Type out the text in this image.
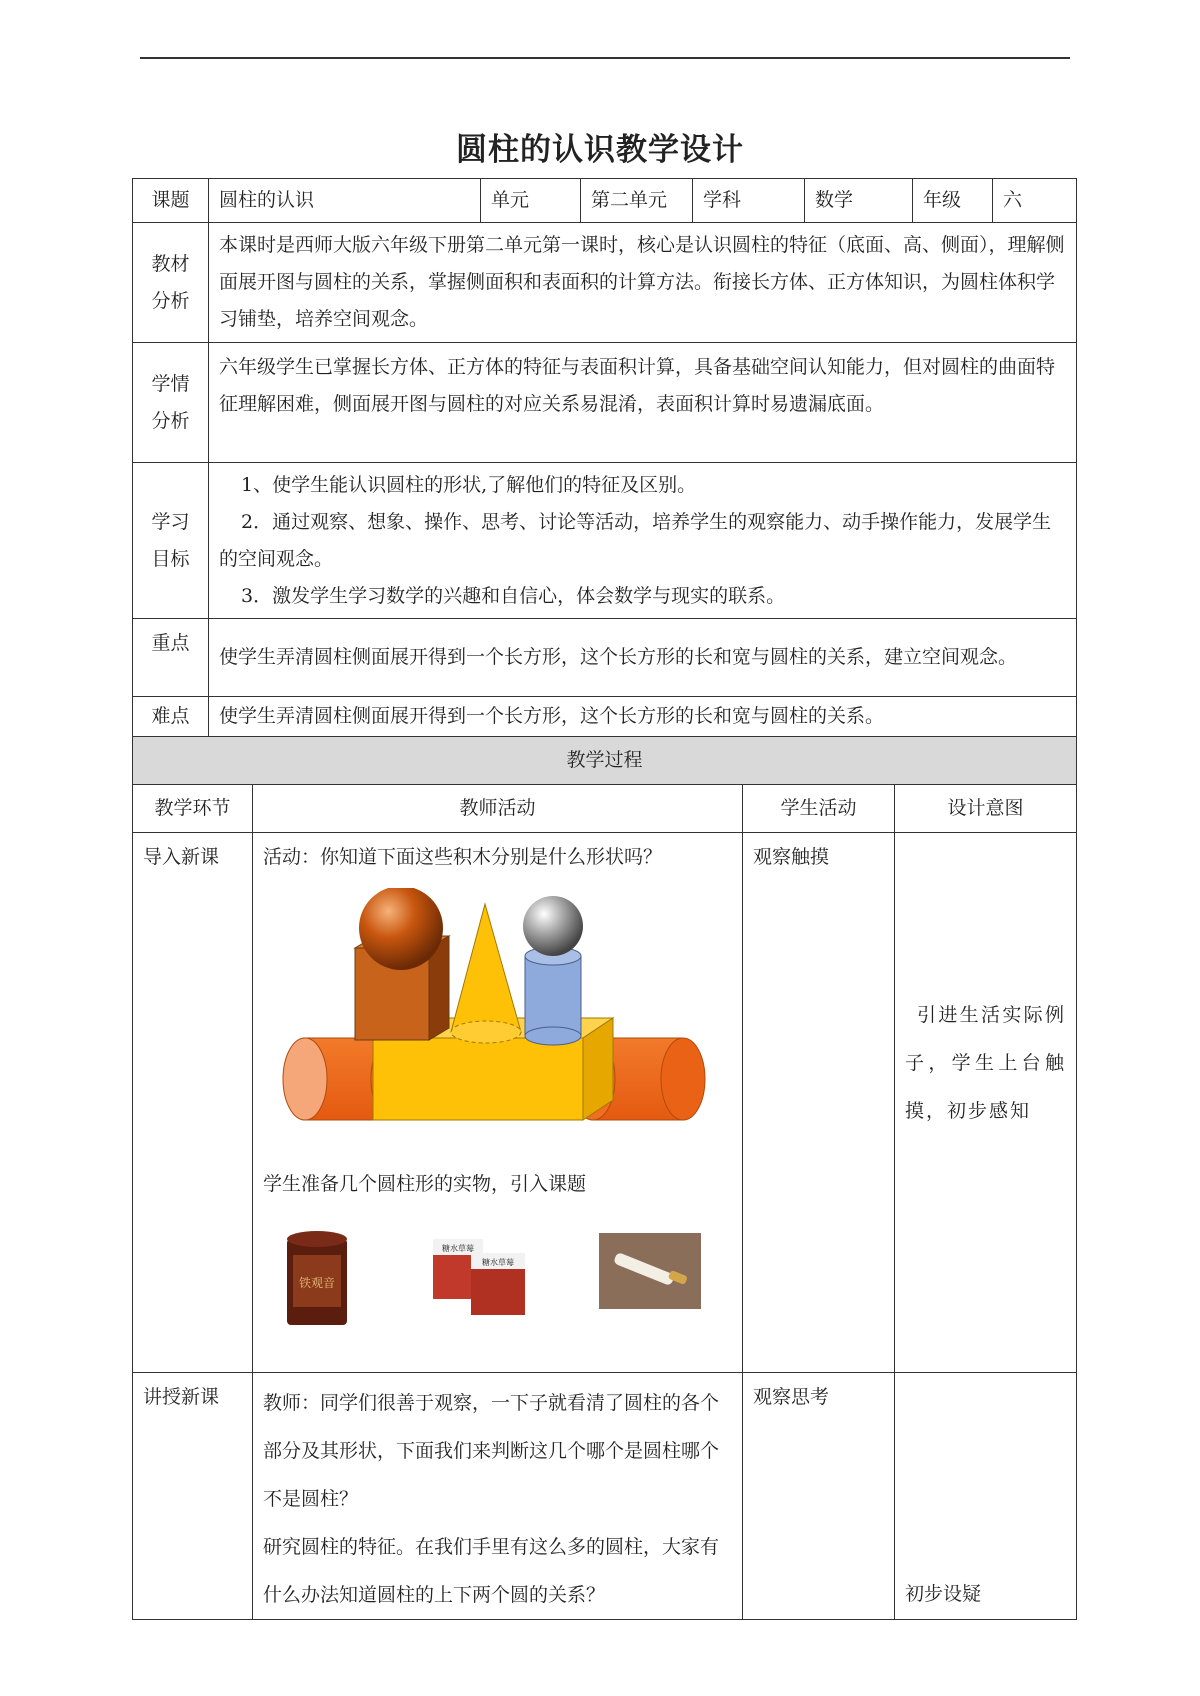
圆柱的认识教学设计
课题	圆柱的认识	单元	第二单元	学科	数学	年级	六

教材
分析	本课时是西师大版六年级下册第二单元第一课时，核心是认识圆柱的特征（底面、高、侧面），理解侧面展开图与圆柱的关系，掌握侧面积和表面积的计算方法。衔接长方体、正方体知识，为圆柱体积学习铺垫，培养空间观念。						

学情
分析	六年级学生已掌握长方体、正方体的特征与表面积计算，具备基础空间认知能力，但对圆柱的曲面特征理解困难，侧面展开图与圆柱的对应关系易混淆，表面积计算时易遗漏底面。						

学习
目标	1、使学生能认识圆柱的形状,了解他们的特征及区别。
2．通过观察、想象、操作、思考、讨论等活动，培养学生的观察能力、动手操作能力，发展学生的空间观念。
3．激发学生学习数学的兴趣和自信心，体会数学与现实的联系。						

重点	使学生弄清圆柱侧面展开得到一个长方形，这个长方形的长和宽与圆柱的关系，建立空间观念。						
难点	使学生弄清圆柱侧面展开得到一个长方形，这个长方形的长和宽与圆柱的关系。						
教学过程			
教学环节	教师活动	学生活动	设计意图
导入新课	活动：你知道下面这些积木分别是什么形状吗？
学生准备几个圆柱形的实物，引入课题
铁观音
糖水草莓
糖水草莓	观察触摸	引进生活实际例子，学生上台触摸，初步感知

讲授新课	教师：同学们很善于观察，一下子就看清了圆柱的各个部分及其形状，下面我们来判断这几个哪个是圆柱哪个不是圆柱？
研究圆柱的特征。在我们手里有这么多的圆柱，大家有什么办法知道圆柱的上下两个圆的关系？	观察思考	初步设疑
